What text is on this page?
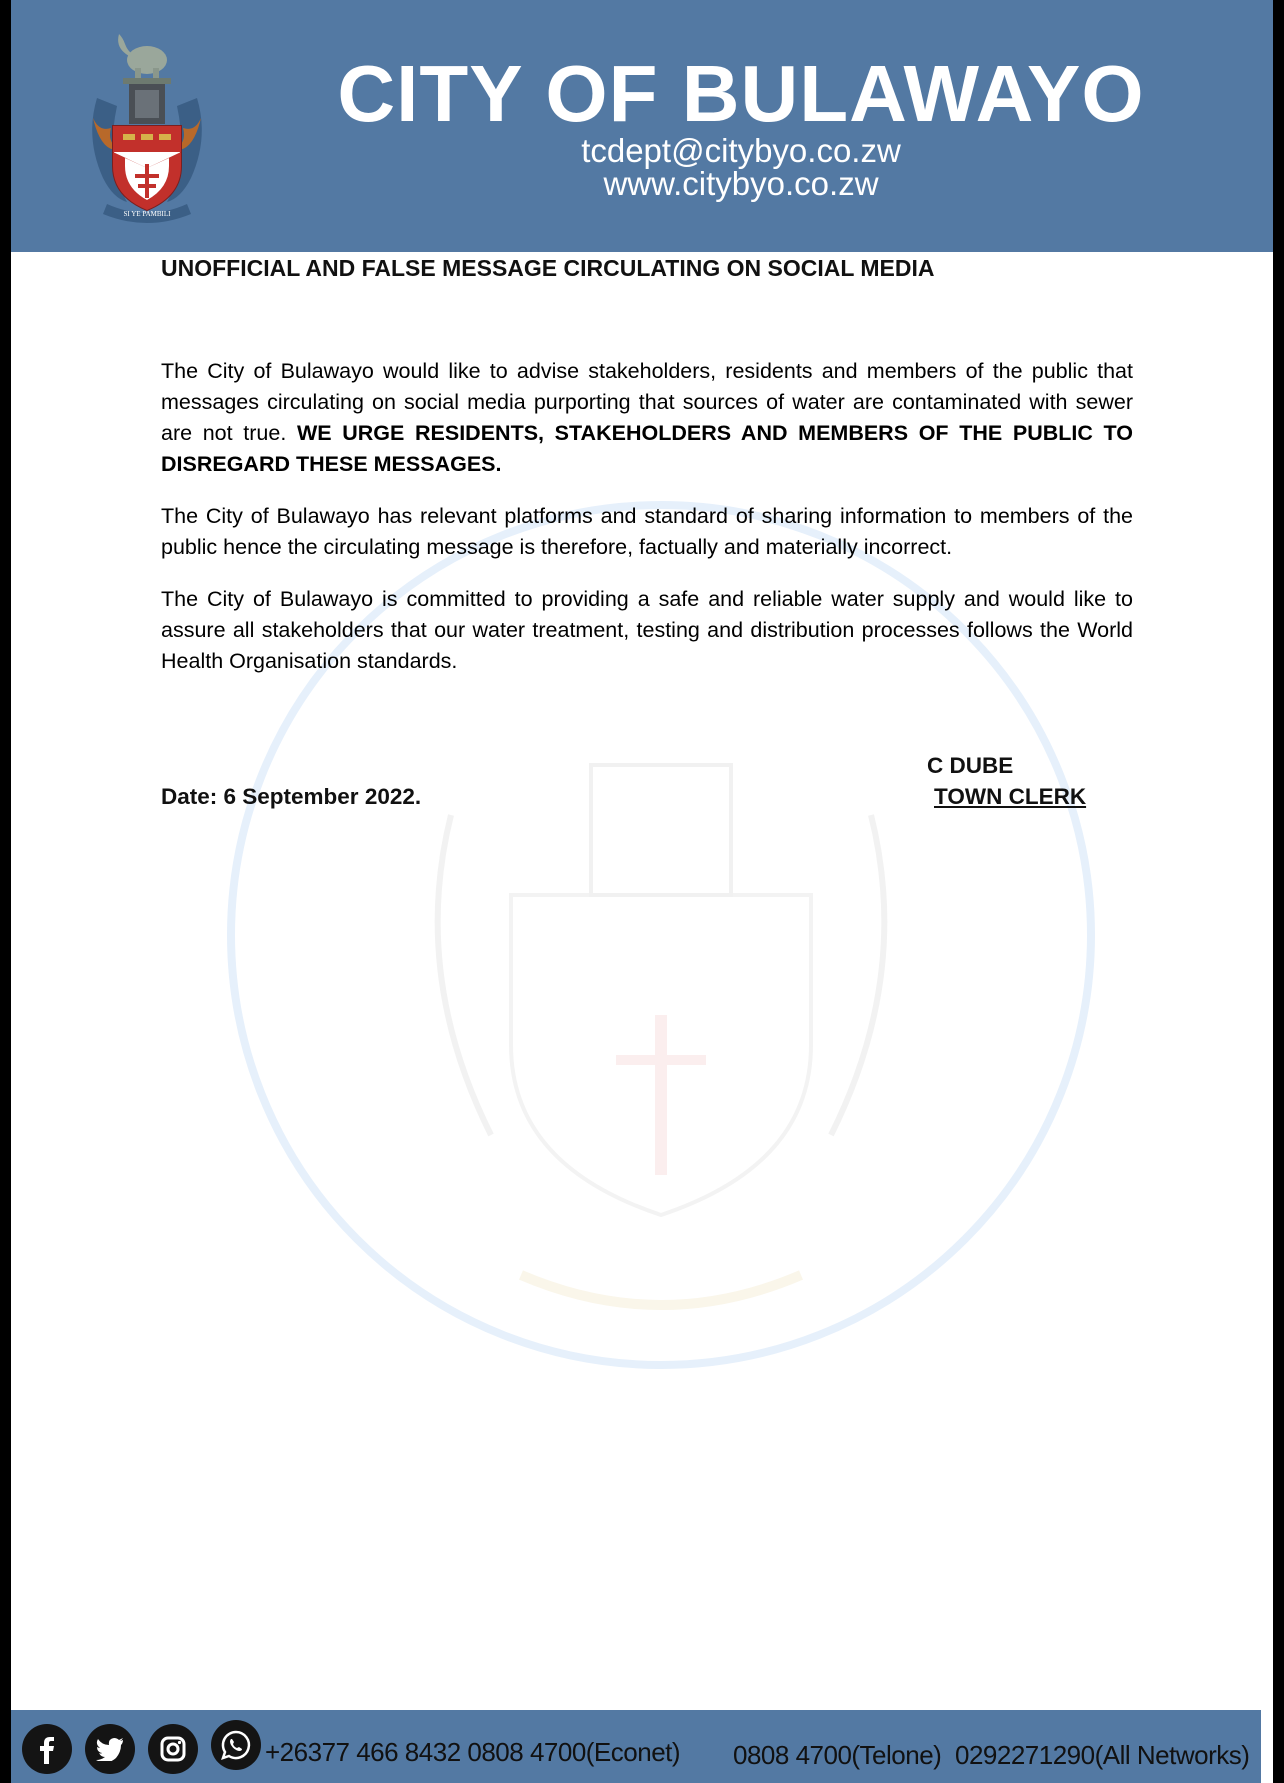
SI YE PAMBILI
CITY OF BULAWAYO
tcdept@citybyo.co.zw
www.citybyo.co.zw
UNOFFICIAL AND FALSE MESSAGE CIRCULATING ON SOCIAL MEDIA

The City of Bulawayo would like to advise stakeholders, residents and members of the public that messages circulating on social media purporting that sources of water are contaminated with sewer are not true. WE URGE RESIDENTS, STAKEHOLDERS AND MEMBERS OF THE PUBLIC TO DISREGARD THESE MESSAGES.

The City of Bulawayo has relevant platforms and standard of sharing information to members of the public hence the circulating message is therefore, factually and materially incorrect.

The City of Bulawayo is committed to providing a safe and reliable water supply and would like to assure all stakeholders that our water treatment, testing and distribution processes follows the World Health Organisation standards.

C DUBE
Date: 6 September 2022.	TOWN CLERK
+26377 466 8432 0808 4700(Econet) 0808 4700(Telone) 0292271290(All Networks)
